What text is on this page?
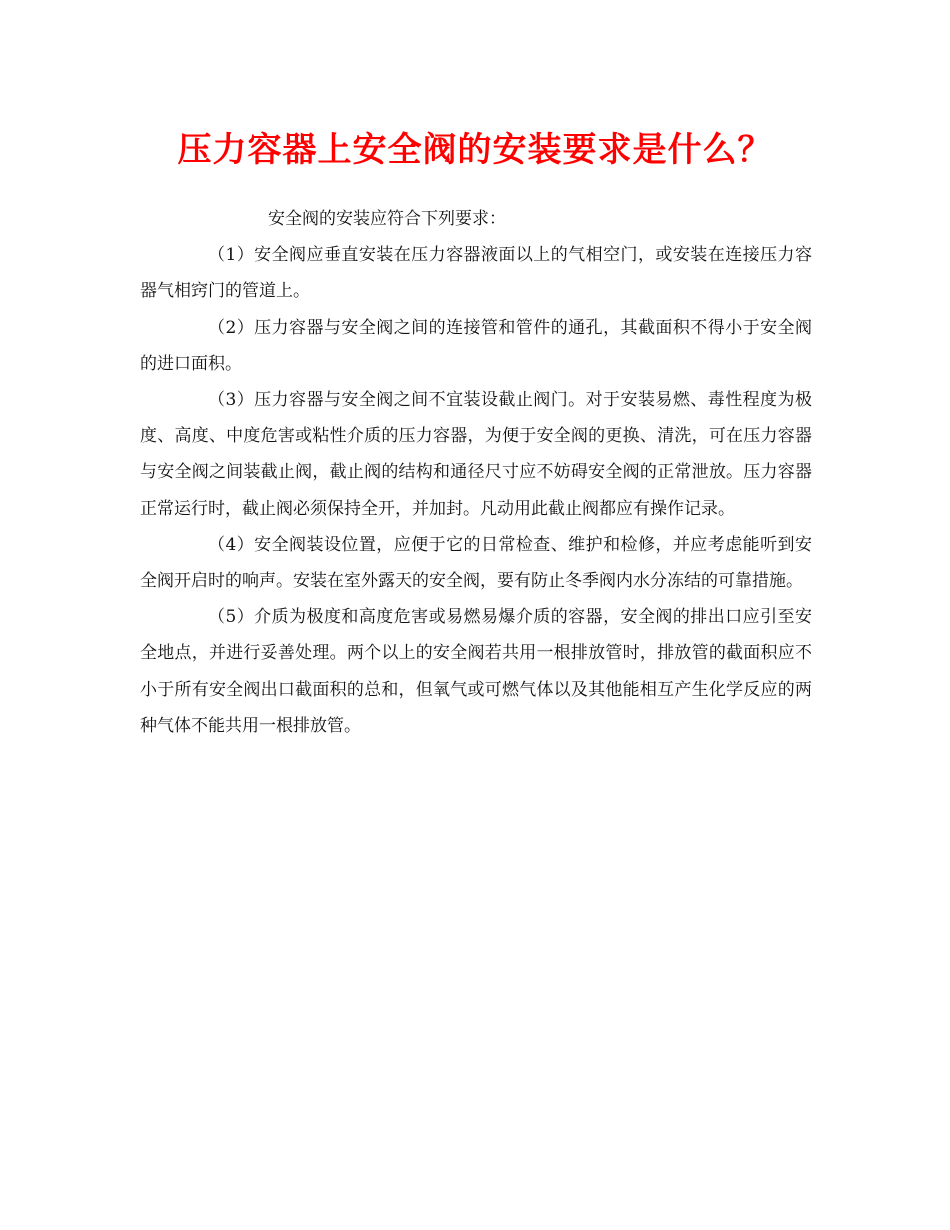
压力容器上安全阀的安装要求是什么？

安全阀的安装应符合下列要求：

（1）安全阀应垂直安装在压力容器液面以上的气相空门，或安装在连接压力容器气相窍门的管道上。

（2）压力容器与安全阀之间的连接管和管件的通孔，其截面积不得小于安全阀的进口面积。

（3）压力容器与安全阀之间不宜装设截止阀门。对于安装易燃、毒性程度为极度、高度、中度危害或粘性介质的压力容器，为便于安全阀的更换、清洗，可在压力容器与安全阀之间装截止阀，截止阀的结构和通径尺寸应不妨碍安全阀的正常泄放。压力容器正常运行时，截止阀必须保持全开，并加封。凡动用此截止阀都应有操作记录。

（4）安全阀装设位置，应便于它的日常检查、维护和检修，并应考虑能听到安全阀开启时的响声。安装在室外露天的安全阀，要有防止冬季阀内水分冻结的可靠措施。

（5）介质为极度和高度危害或易燃易爆介质的容器，安全阀的排出口应引至安全地点，并进行妥善处理。两个以上的安全阀若共用一根排放管时，排放管的截面积应不小于所有安全阀出口截面积的总和，但氧气或可燃气体以及其他能相互产生化学反应的两种气体不能共用一根排放管。
